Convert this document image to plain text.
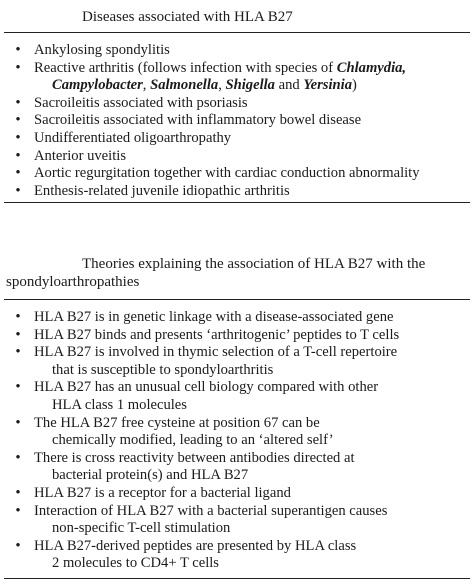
Diseases associated with HLA B27
• Ankylosing spondylitis
• Reactive arthritis (follows infection with species of Chlamydia,
Campylobacter, Salmonella, Shigella and Yersinia)
• Sacroileitis associated with psoriasis
• Sacroileitis associated with inflammatory bowel disease
• Undifferentiated oligoarthropathy
• Anterior uveitis
• Aortic regurgitation together with cardiac conduction abnormality
• Enthesis-related juvenile idiopathic arthritis
Theories explaining the association of HLA B27 with the
spondyloarthropathies
• HLA B27 is in genetic linkage with a disease-associated gene
• HLA B27 binds and presents ‘arthritogenic’ peptides to T cells
• HLA B27 is involved in thymic selection of a T-cell repertoire
that is susceptible to spondyloarthritis
• HLA B27 has an unusual cell biology compared with other
HLA class 1 molecules
• The HLA B27 free cysteine at position 67 can be
chemically modified, leading to an ‘altered self’
• There is cross reactivity between antibodies directed at
bacterial protein(s) and HLA B27
• HLA B27 is a receptor for a bacterial ligand
• Interaction of HLA B27 with a bacterial superantigen causes
non-specific T-cell stimulation
• HLA B27-derived peptides are presented by HLA class
2 molecules to CD4+ T cells
